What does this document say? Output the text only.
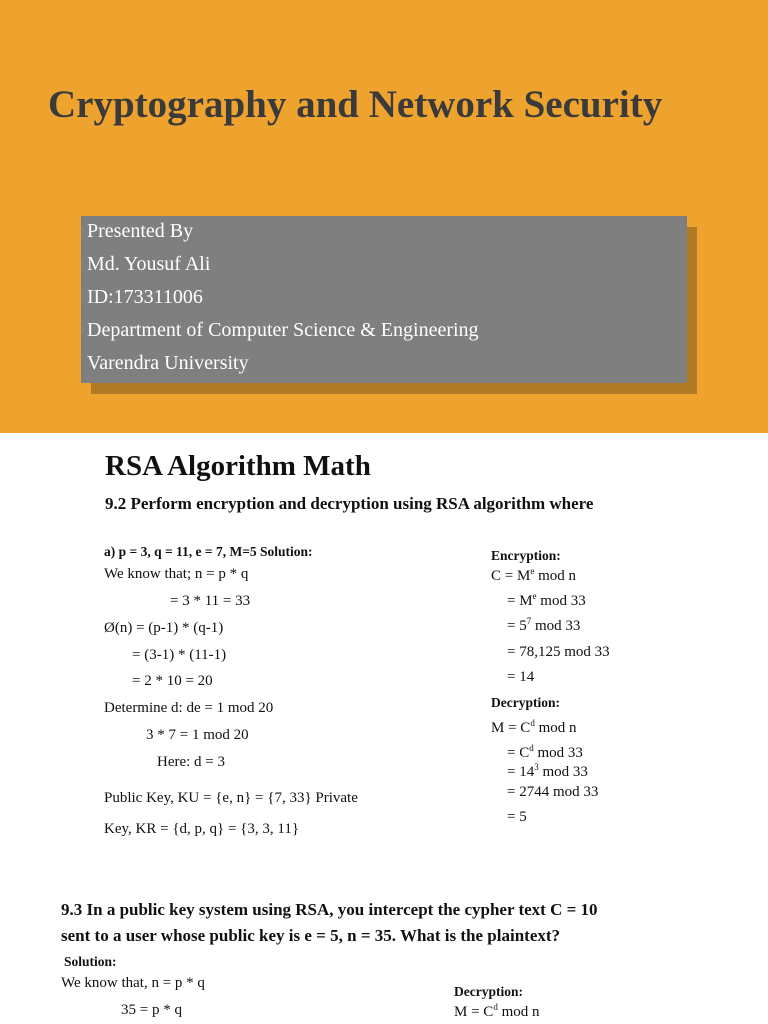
Cryptography and Network Security
Presented By
Md. Yousuf Ali
ID:173311006
Department of Computer Science & Engineering
Varendra University
RSA Algorithm Math
9.2 Perform encryption and decryption using RSA algorithm where
a) p = 3, q = 11, e = 7, M=5 Solution:
We know that; n = p * q
= 3 * 11 = 33
Ø(n) = (p-1) * (q-1)
= (3-1) * (11-1)
= 2 * 10 = 20
Determine d: de = 1 mod 20
3 * 7 = 1 mod 20
Here: d = 3
Public Key, KU = {e, n} = {7, 33} Private
Key, KR = {d, p, q} = {3, 3, 11}
Encryption:
$C = M^e$ mod n
= $M^e$ mod 33
= $5^7$ mod 33
= 78,125 mod 33
= 14
Decryption:
$M = C^d$ mod n
= $C^d$ mod 33
= $14^3$ mod 33
= 2744 mod 33
= 5
9.3 In a public key system using RSA, you intercept the cypher text C = 10
sent to a user whose public key is e = 5, n = 35. What is the plaintext?
Solution:
We know that, n = p * q
35 = p * q
Decryption:
$M = C^d$ mod n
